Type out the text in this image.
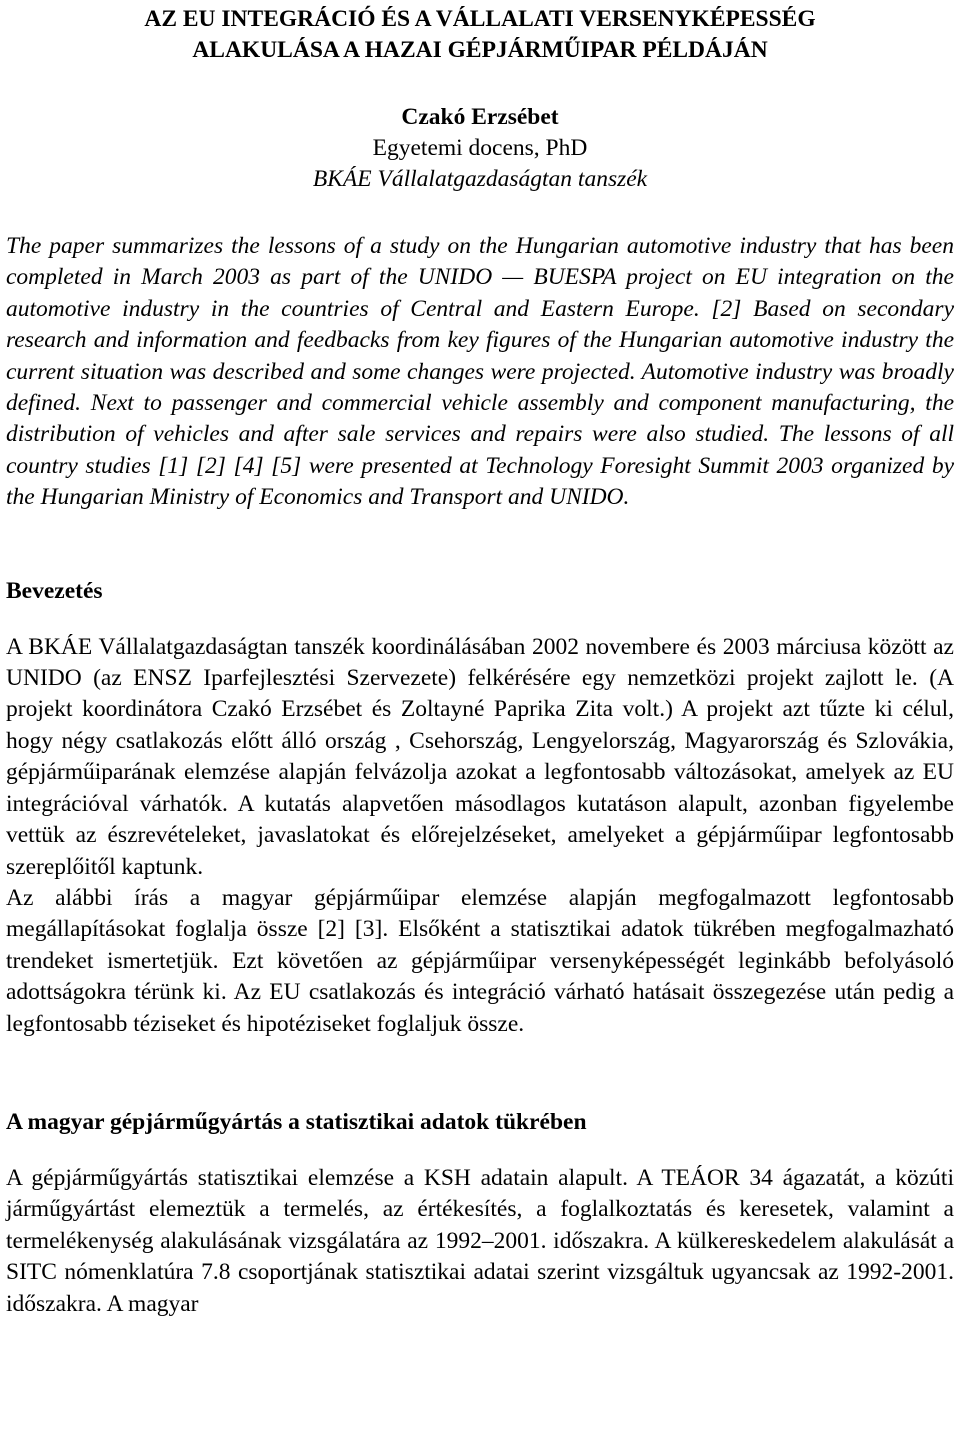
AZ EU INTEGRÁCIÓ ÉS A VÁLLALATI VERSENYKÉPESSÉG
ALAKULÁSA A HAZAI GÉPJÁRMŰIPAR PÉLDÁJÁN
Czakó Erzsébet
Egyetemi docens, PhD
BKÁE Vállalatgazdaságtan tanszék

The paper summarizes the lessons of a study on the Hungarian automotive industry that has been completed in March 2003 as part of the UNIDO — BUESPA project on EU integration on the automotive industry in the countries of Central and Eastern Europe. [2] Based on secondary research and information and feedbacks from key figures of the Hungarian automotive industry the current situation was described and some changes were projected. Automotive industry was broadly defined. Next to passenger and commercial vehicle assembly and component manufacturing, the distribution of vehicles and after sale services and repairs were also studied. The lessons of all country studies [1] [2] [4] [5] were presented at Technology Foresight Summit 2003 organized by the Hungarian Ministry of Economics and Transport and UNIDO.

Bevezetés

A BKÁE Vállalatgazdaságtan tanszék koordinálásában 2002 novembere és 2003 márciusa között az UNIDO (az ENSZ Iparfejlesztési Szervezete) felkérésére egy nemzetközi projekt zajlott le. (A projekt koordinátora Czakó Erzsébet és Zoltayné Paprika Zita volt.) A projekt azt tűzte ki célul, hogy négy csatlakozás előtt álló ország , Csehország, Lengyelország, Magyarország és Szlovákia, gépjárműiparának elemzése alapján felvázolja azokat a legfontosabb változásokat, amelyek az EU integrációval várhatók. A kutatás alapvetően másodlagos kutatáson alapult, azonban figyelembe vettük az észrevételeket, javaslatokat és előrejelzéseket, amelyeket a gépjárműipar legfontosabb szereplőitől kaptunk.

Az alábbi írás a magyar gépjárműipar elemzése alapján megfogalmazott legfontosabb megállapításokat foglalja össze [2] [3]. Elsőként a statisztikai adatok tükrében megfogalmazható trendeket ismertetjük. Ezt követően az gépjárműipar versenyképességét leginkább befolyásoló adottságokra térünk ki. Az EU csatlakozás és integráció várható hatásait összegezése után pedig a legfontosabb téziseket és hipotéziseket foglaljuk össze.

A magyar gépjárműgyártás a statisztikai adatok tükrében

A gépjárműgyártás statisztikai elemzése a KSH adatain alapult. A TEÁOR 34 ágazatát, a közúti járműgyártást elemeztük a termelés, az értékesítés, a foglalkoztatás és keresetek, valamint a termelékenység alakulásának vizsgálatára az 1992–2001. időszakra. A külkereskedelem alakulását a SITC nómenklatúra 7.8 csoportjának statisztikai adatai szerint vizsgáltuk ugyancsak az 1992-2001. időszakra. A magyar
